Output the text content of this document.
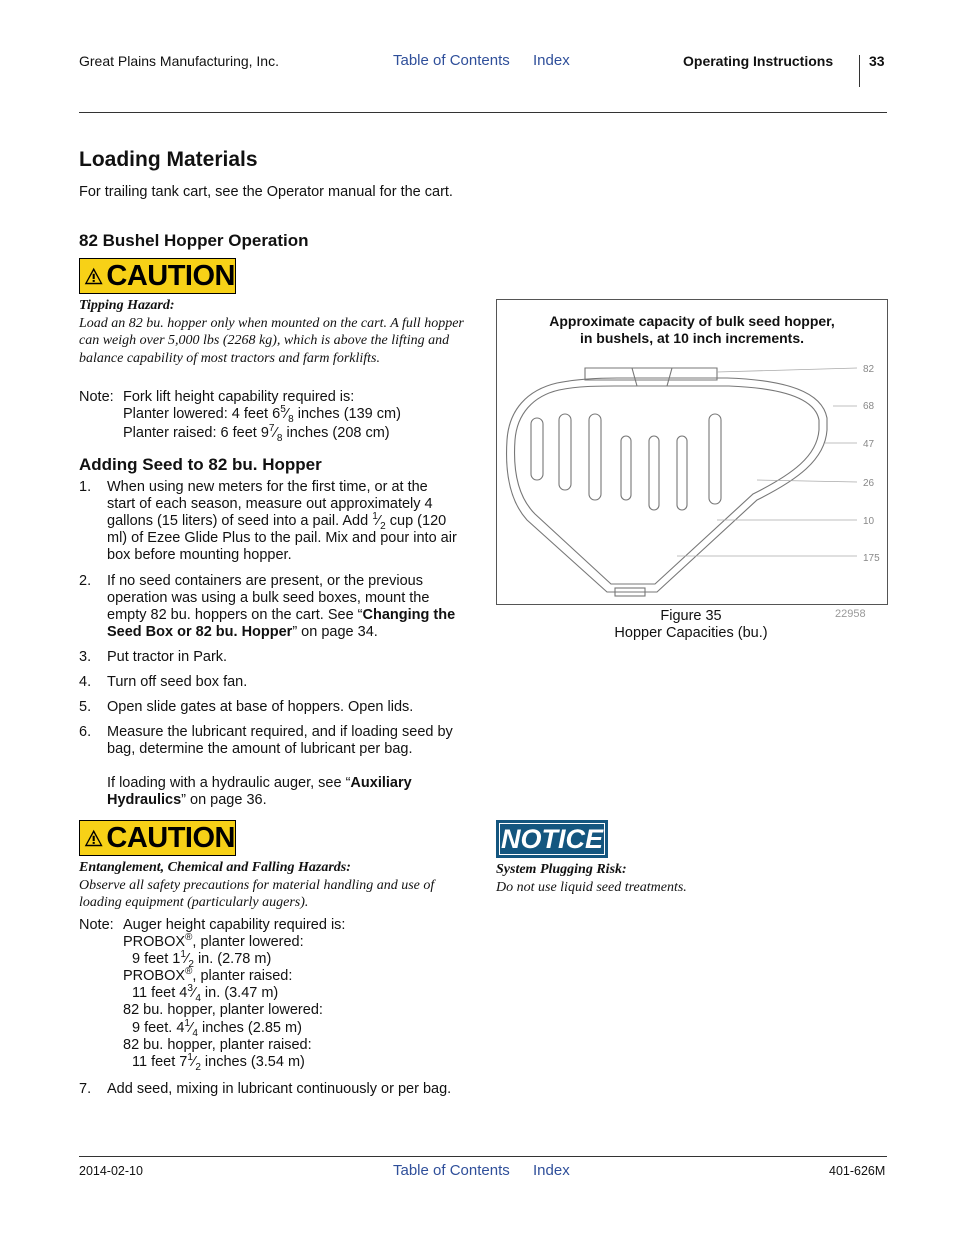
Great Plains Manufacturing, Inc.	Table of Contents Index	Operating Instructions	33
Loading Materials
For trailing tank cart, see the Operator manual for the cart.
82 Bushel Hopper Operation
CAUTION
Tipping Hazard:
Load an 82 bu. hopper only when mounted on the cart. A full hopper can weigh over 5,000 lbs (2268 kg), which is above the lifting and balance capability of most tractors and farm forklifts.
Note: Fork lift height capability required is:
Planter lowered: 4 feet $6^5⁄_8$ inches (139 cm)
Planter raised: 6 feet $9^7⁄_8$ inches (208 cm)
Adding Seed to 82 bu. Hopper
1. When using new meters for the first time, or at the start of each season, measure out approximately 4 gallons (15 liters) of seed into a pail. Add $^1⁄_2$ cup (120 ml) of Ezee Glide Plus to the pail. Mix and pour into air box before mounting hopper.
2. If no seed containers are present, or the previous operation was using a bulk seed boxes, mount the empty 82 bu. hoppers on the cart. See “Changing the Seed Box or 82 bu. Hopper” on page 34.
3. Put tractor in Park.
4. Turn off seed box fan.
5. Open slide gates at base of hoppers. Open lids.
6. Measure the lubricant required, and if loading seed by bag, determine the amount of lubricant per bag.
If loading with a hydraulic auger, see “Auxiliary Hydraulics” on page 36.
CAUTION
Entanglement, Chemical and Falling Hazards:
Observe all safety precautions for material handling and use of loading equipment (particularly augers).
Note: Auger height capability required is:
PROBOX®, planter lowered:
9 feet $1^1⁄_2$ in. (2.78 m)
PROBOX®, planter raised:
11 feet $4^3⁄_4$ in. (3.47 m)
82 bu. hopper, planter lowered:
9 feet. $4^1⁄_4$ inches (2.85 m)
82 bu. hopper, planter raised:
11 feet $7^1⁄_2$ inches (3.54 m)
7. Add seed, mixing in lubricant continuously or per bag.
Approximate capacity of bulk seed hopper,
in bushels, at 10 inch increments.
82
68
47
26
10
175
Figure 35
Hopper Capacities (bu.)
22958
NOTICE
System Plugging Risk:
Do not use liquid seed treatments.
2014-02-10	Table of Contents Index	401-626M
